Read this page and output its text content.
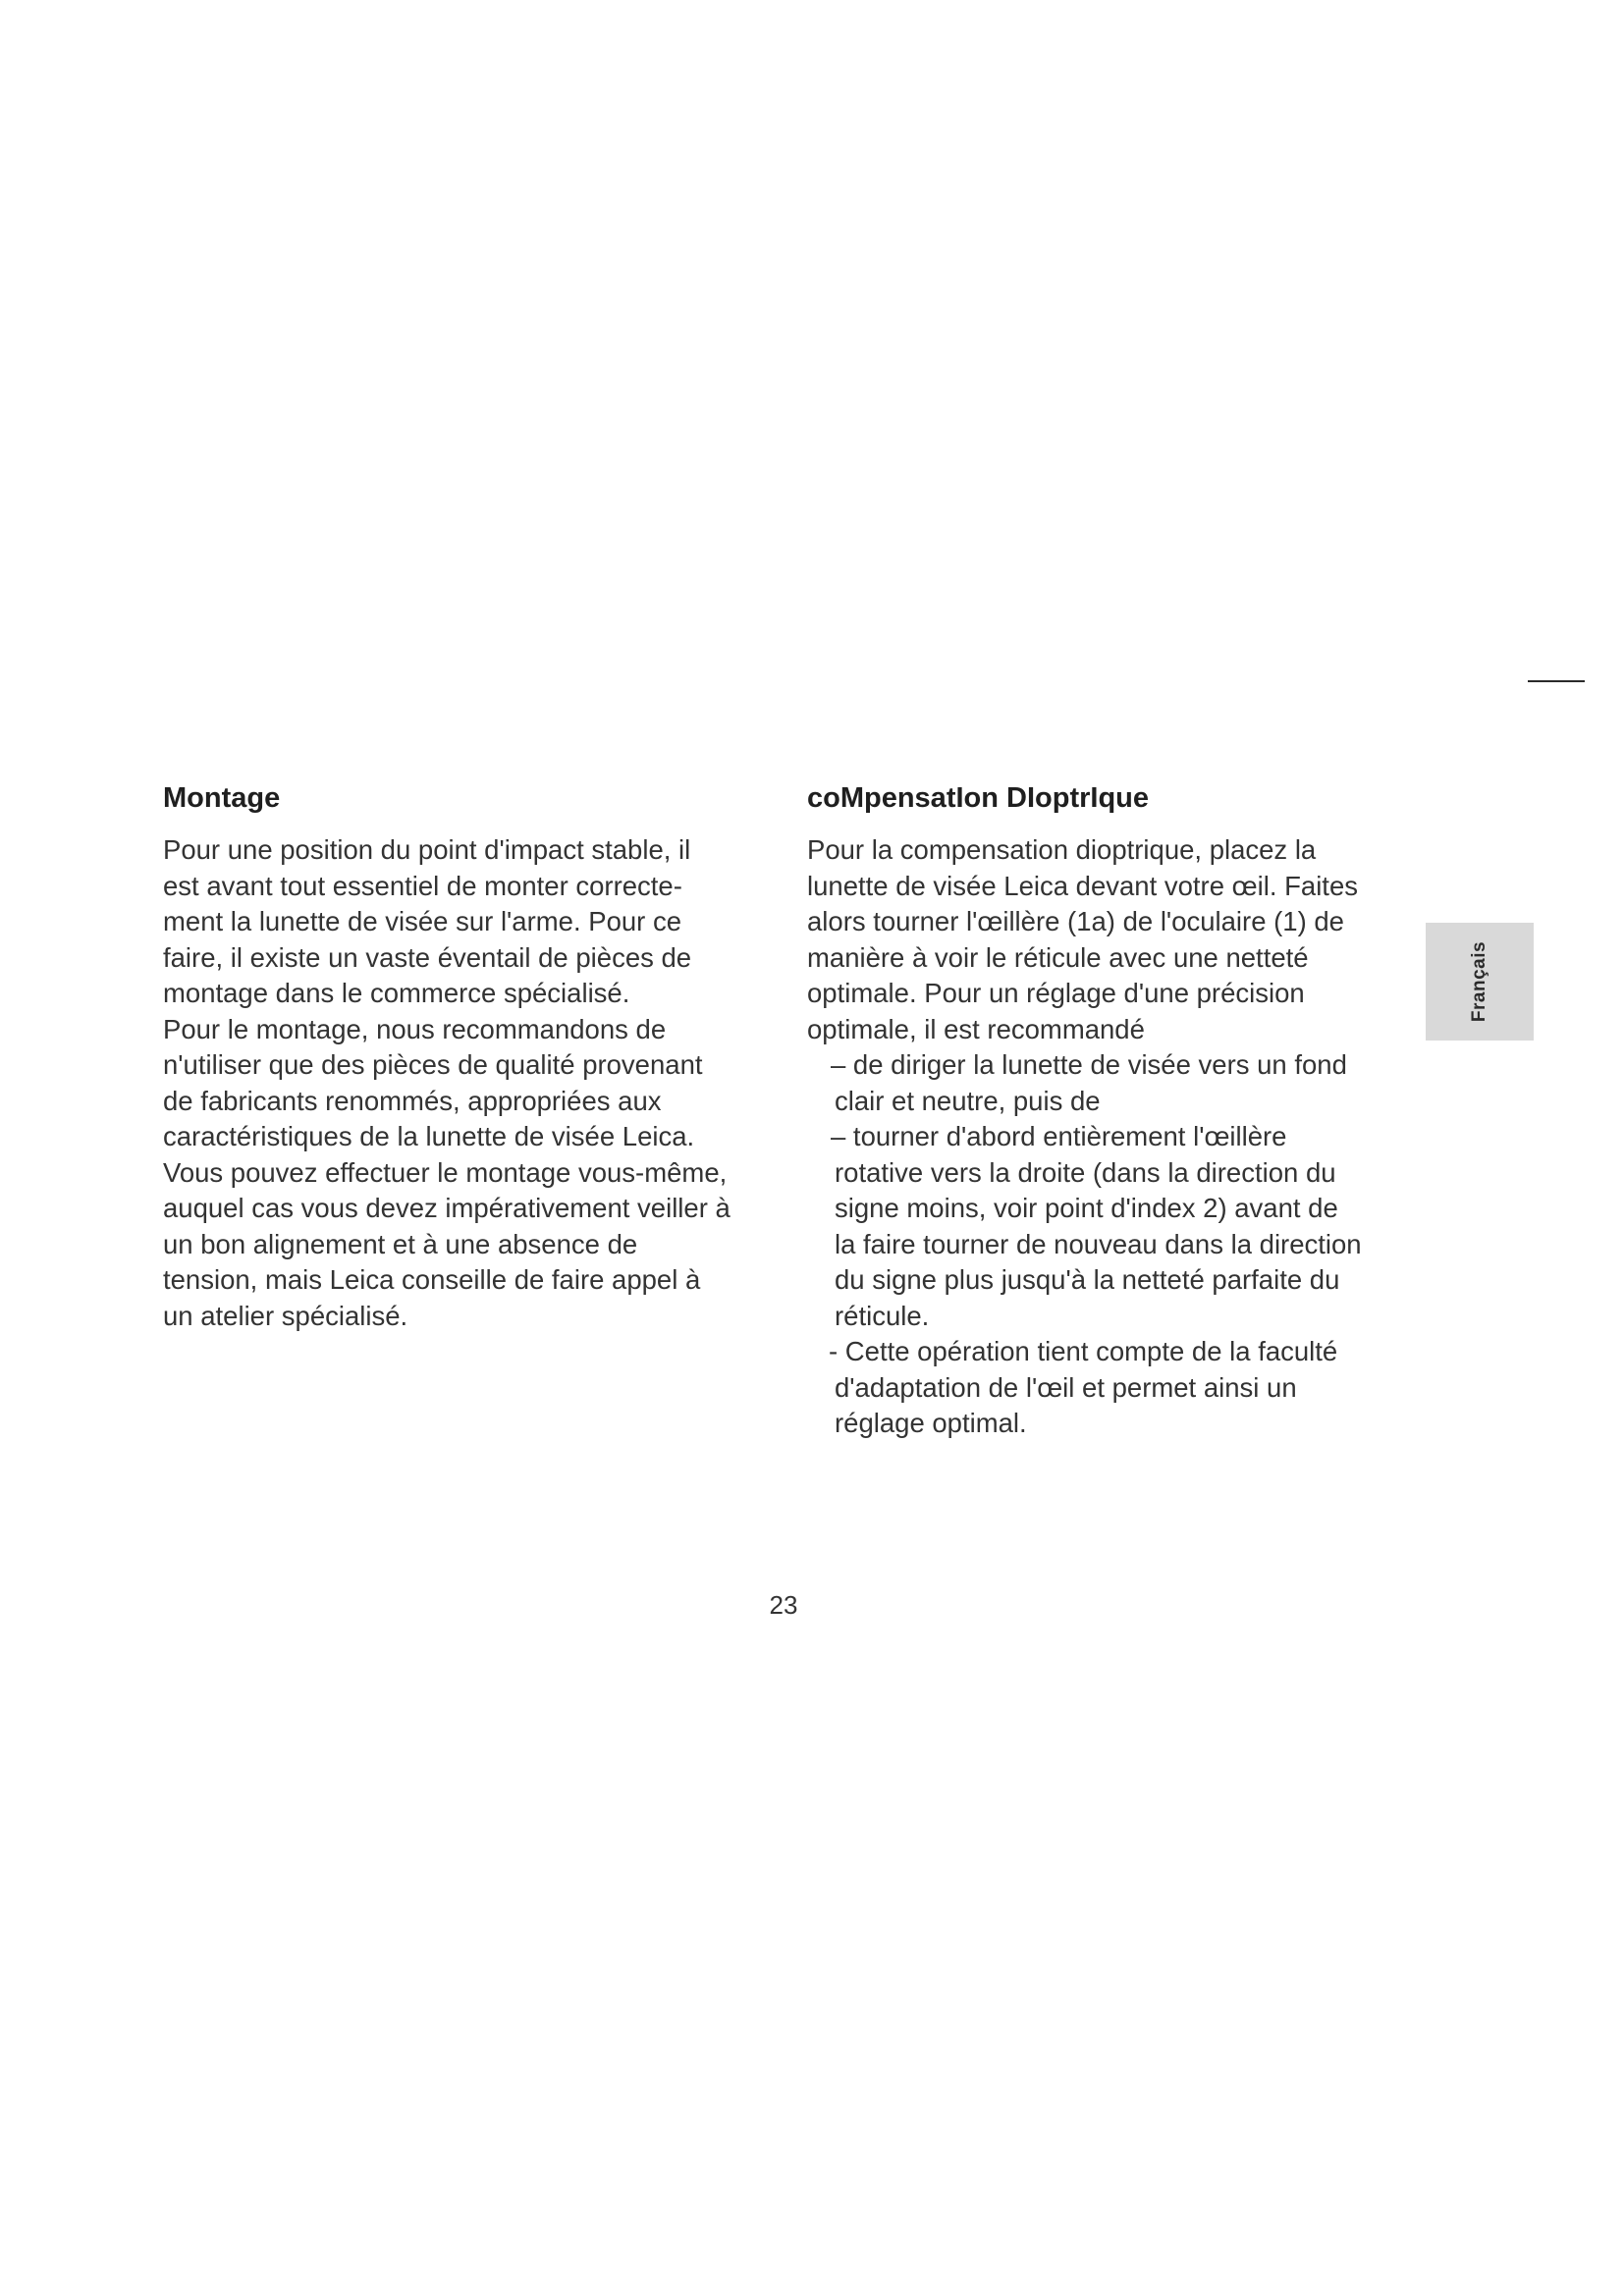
Montage

Pour une position du point d'impact stable, il
est avant tout essentiel de monter correcte-
ment la lunette de visée sur l'arme. Pour ce
faire, il existe un vaste éventail de pièces de
montage dans le commerce spécialisé.
Pour le montage, nous recommandons de
n'utiliser que des pièces de qualité provenant
de fabricants renommés, appropriées aux
caractéristiques de la lunette de visée Leica.
Vous pouvez effectuer le montage vous-même,
auquel cas vous devez impérativement veiller à
un bon alignement et à une absence de
tension, mais Leica conseille de faire appel à
un atelier spécialisé.

coMpensatIon DIoptrIque

Pour la compensation dioptrique, placez la
lunette de visée Leica devant votre œil. Faites
alors tourner l'œillère (1a) de l'oculaire (1) de
manière à voir le réticule avec une netteté
optimale. Pour un réglage d'une précision
optimale, il est recommandé

– de diriger la lunette de visée vers un fond
clair et neutre, puis de
– tourner d'abord entièrement l'œillère
rotative vers la droite (dans la direction du
signe moins, voir point d'index 2) avant de
la faire tourner de nouveau dans la direction
du signe plus jusqu'à la netteté parfaite du
réticule.
- Cette opération tient compte de la faculté
d'adaptation de l'œil et permet ainsi un
réglage optimal.
Français
23
